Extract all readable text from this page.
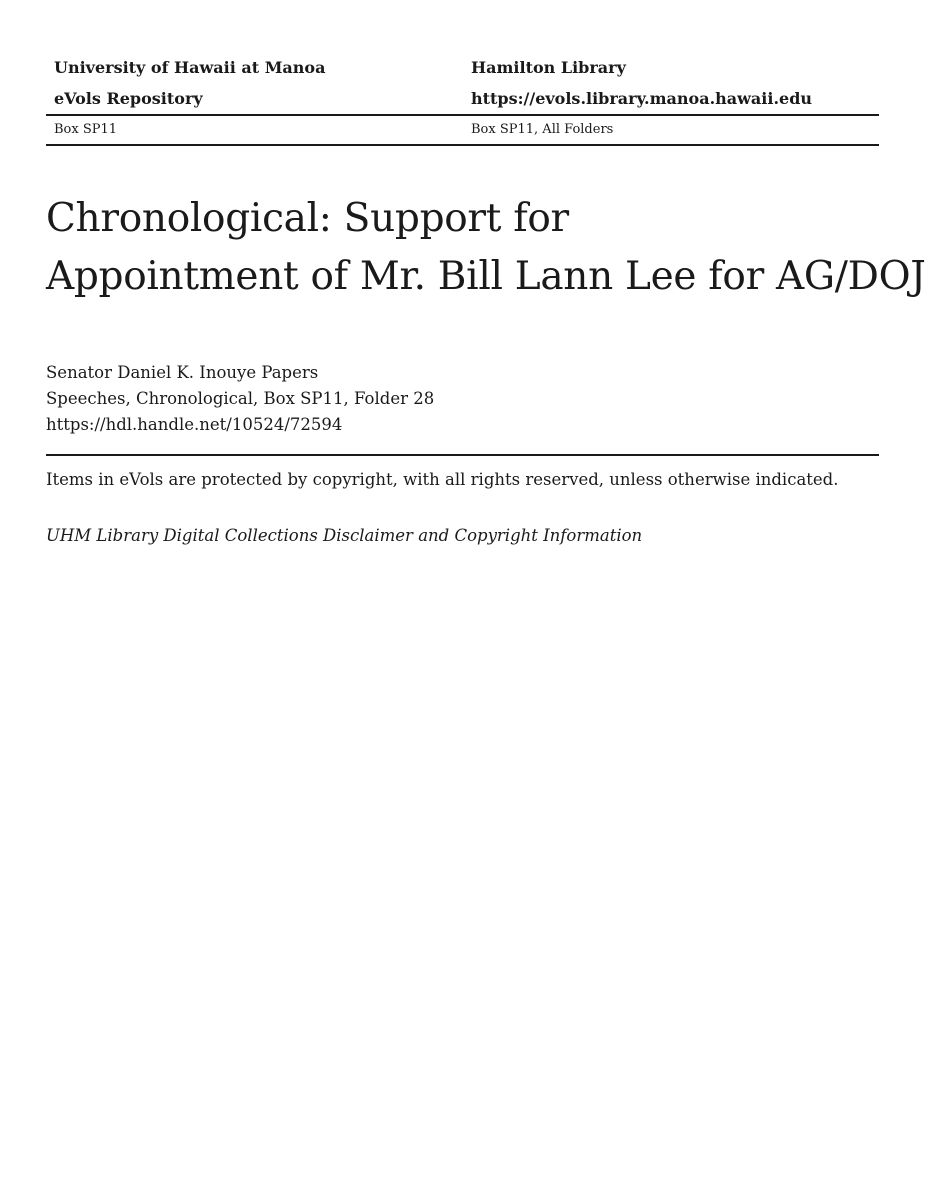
University of Hawaii at Manoa	Hamilton Library
eVols Repository	https://evols.library.manoa.hawaii.edu
Box SP11	Box SP11, All Folders
Chronological: Support for
Appointment of Mr. Bill Lann Lee for AG/DOJ
Senator Daniel K. Inouye Papers
Speeches, Chronological, Box SP11, Folder 28
https://hdl.handle.net/10524/72594
Items in eVols are protected by copyright, with all rights reserved, unless otherwise indicated.
UHM Library Digital Collections Disclaimer and Copyright Information
